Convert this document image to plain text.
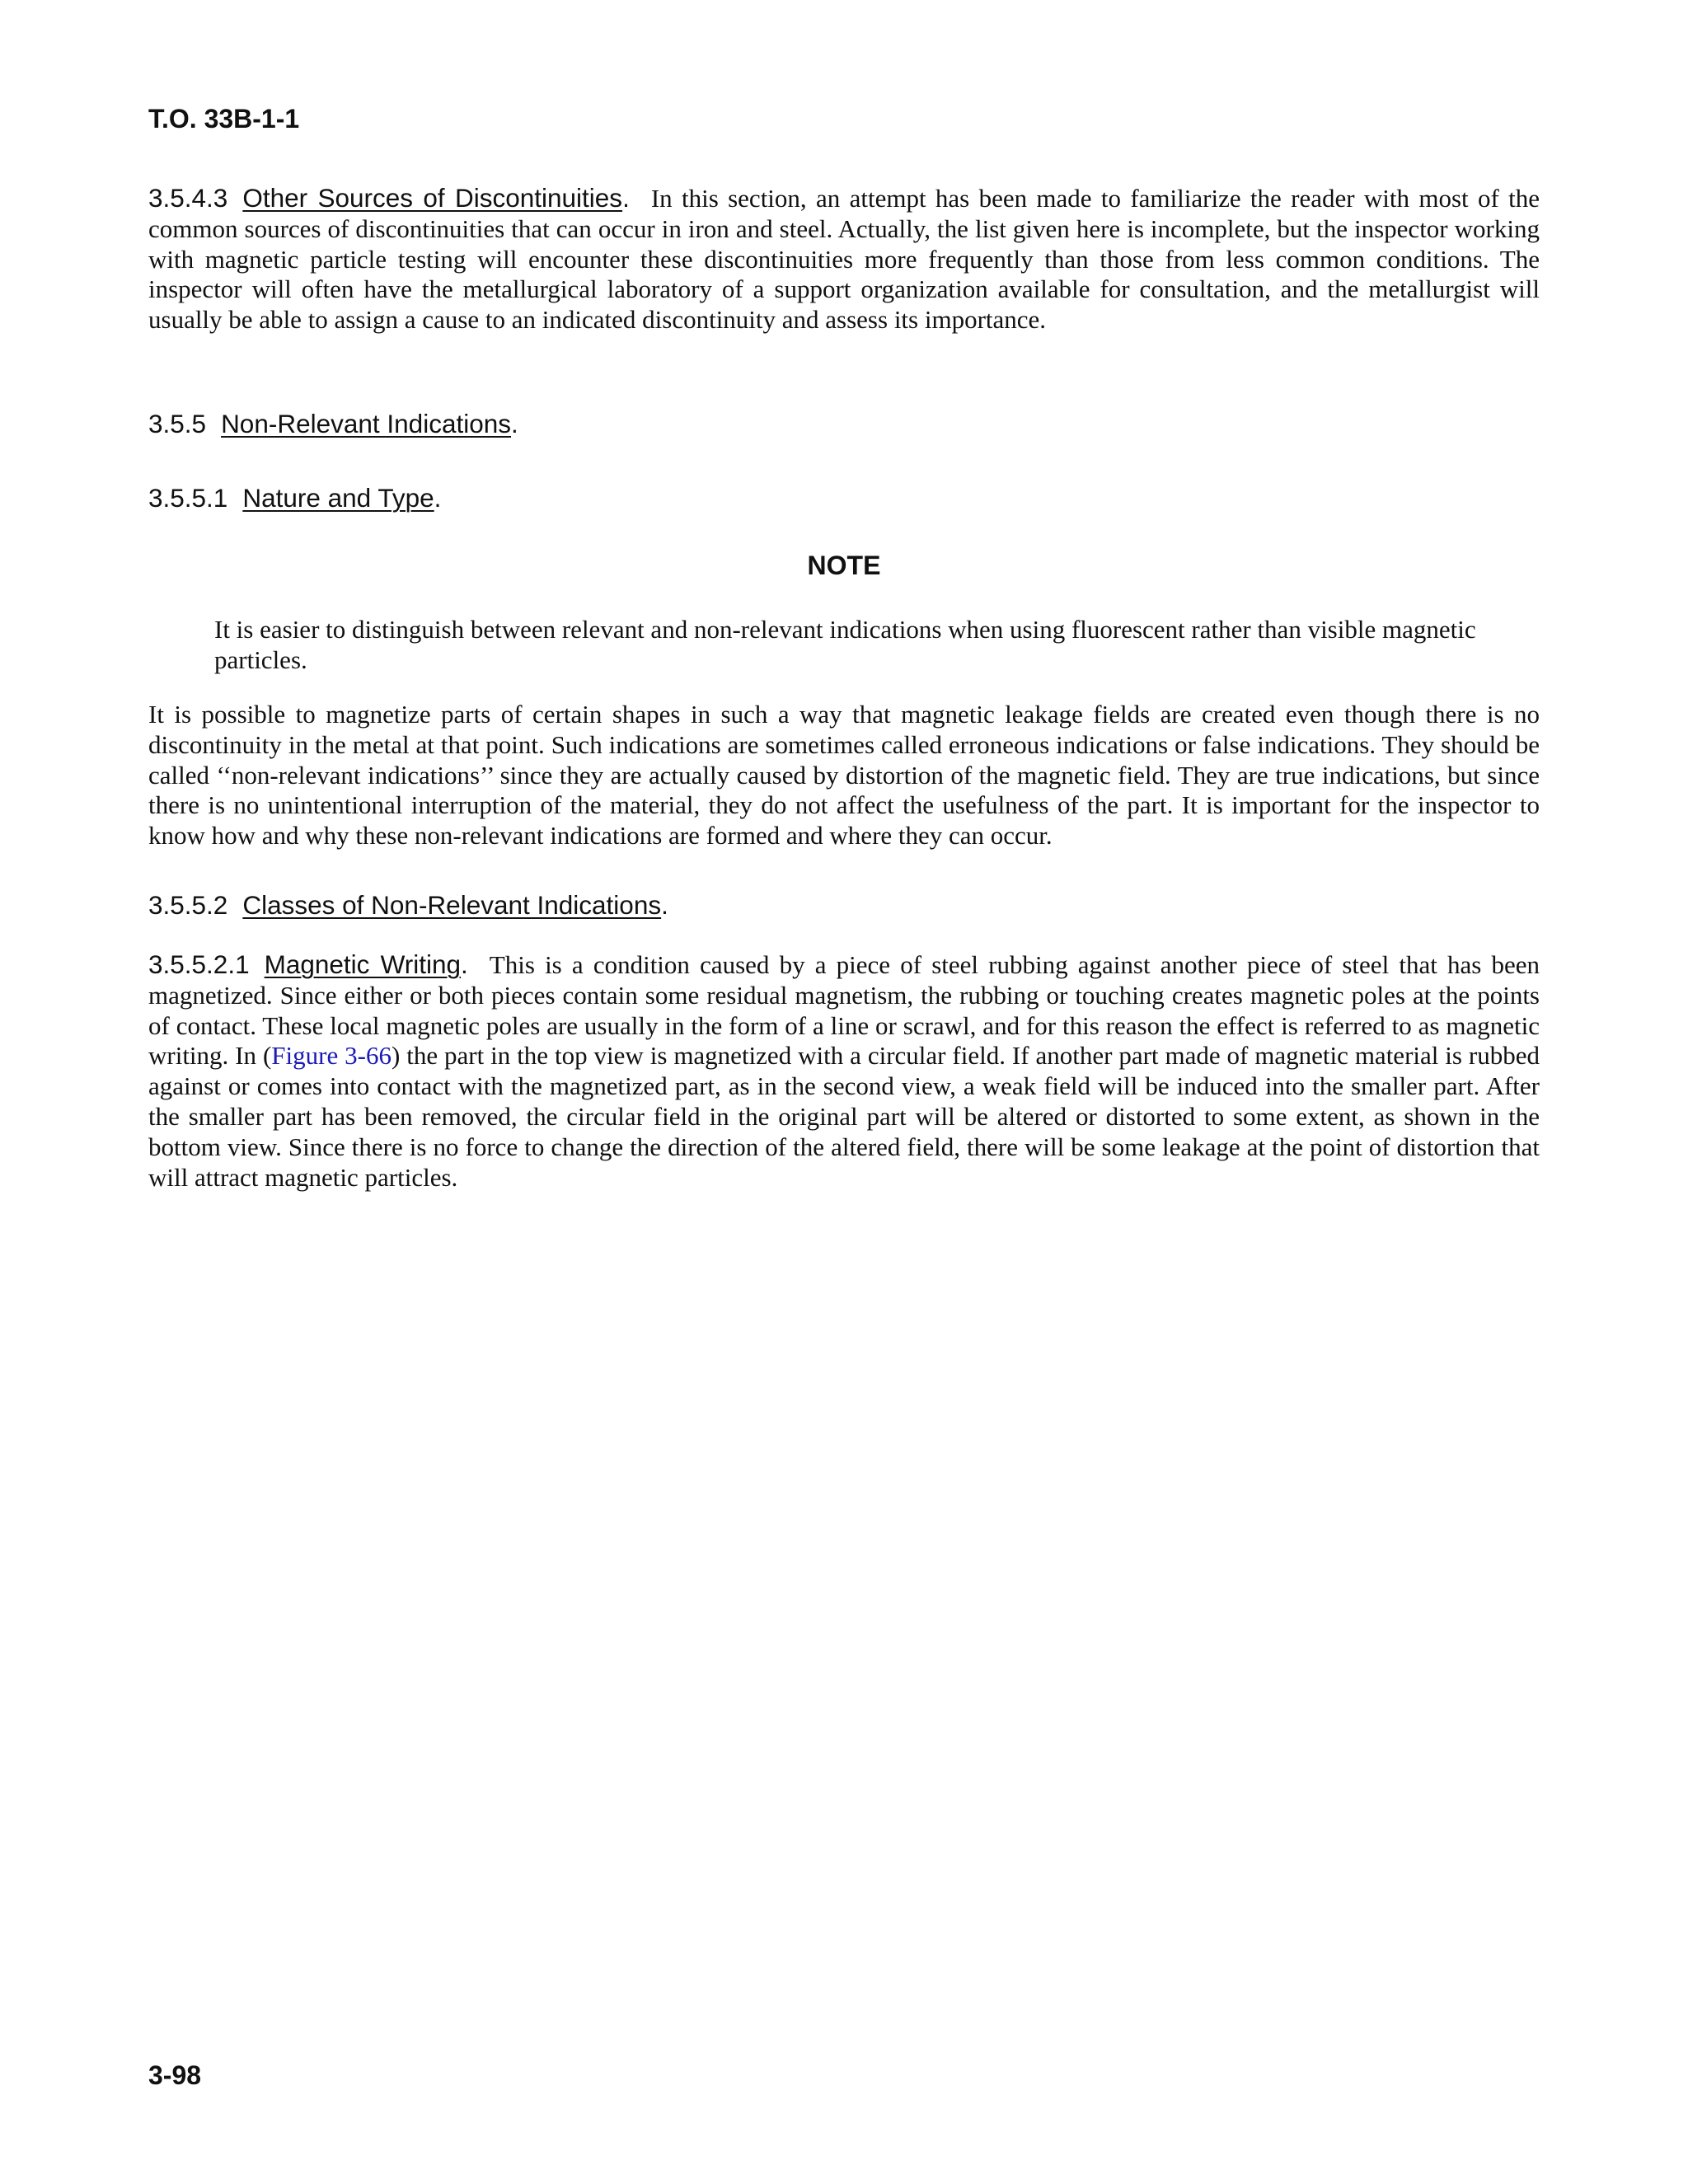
T.O. 33B-1-1

3.5.4.3 Other Sources of Discontinuities. In this section, an attempt has been made to familiarize the reader with most of the common sources of discontinuities that can occur in iron and steel. Actually, the list given here is incomplete, but the inspector working with magnetic particle testing will encounter these discontinuities more frequently than those from less common conditions. The inspector will often have the metallurgical laboratory of a support organization available for consultation, and the metallurgist will usually be able to assign a cause to an indicated discontinuity and assess its importance.

3.5.5 Non-Relevant Indications.
3.5.5.1 Nature and Type.
NOTE

It is easier to distinguish between relevant and non-relevant indications when using fluorescent rather than visible magnetic particles.

It is possible to magnetize parts of certain shapes in such a way that magnetic leakage fields are created even though there is no discontinuity in the metal at that point. Such indications are sometimes called erroneous indications or false indications. They should be called ‘‘non-relevant indications’’ since they are actually caused by distortion of the magnetic field. They are true indications, but since there is no unintentional interruption of the material, they do not affect the usefulness of the part. It is important for the inspector to know how and why these non-relevant indications are formed and where they can occur.

3.5.5.2 Classes of Non-Relevant Indications.

3.5.5.2.1 Magnetic Writing. This is a condition caused by a piece of steel rubbing against another piece of steel that has been magnetized. Since either or both pieces contain some residual magnetism, the rubbing or touching creates magnetic poles at the points of contact. These local magnetic poles are usually in the form of a line or scrawl, and for this reason the effect is referred to as magnetic writing. In (Figure 3-66) the part in the top view is magnetized with a circular field. If another part made of magnetic material is rubbed against or comes into contact with the magnetized part, as in the second view, a weak field will be induced into the smaller part. After the smaller part has been removed, the circular field in the original part will be altered or distorted to some extent, as shown in the bottom view. Since there is no force to change the direction of the altered field, there will be some leakage at the point of distortion that will attract magnetic particles.

3-98
